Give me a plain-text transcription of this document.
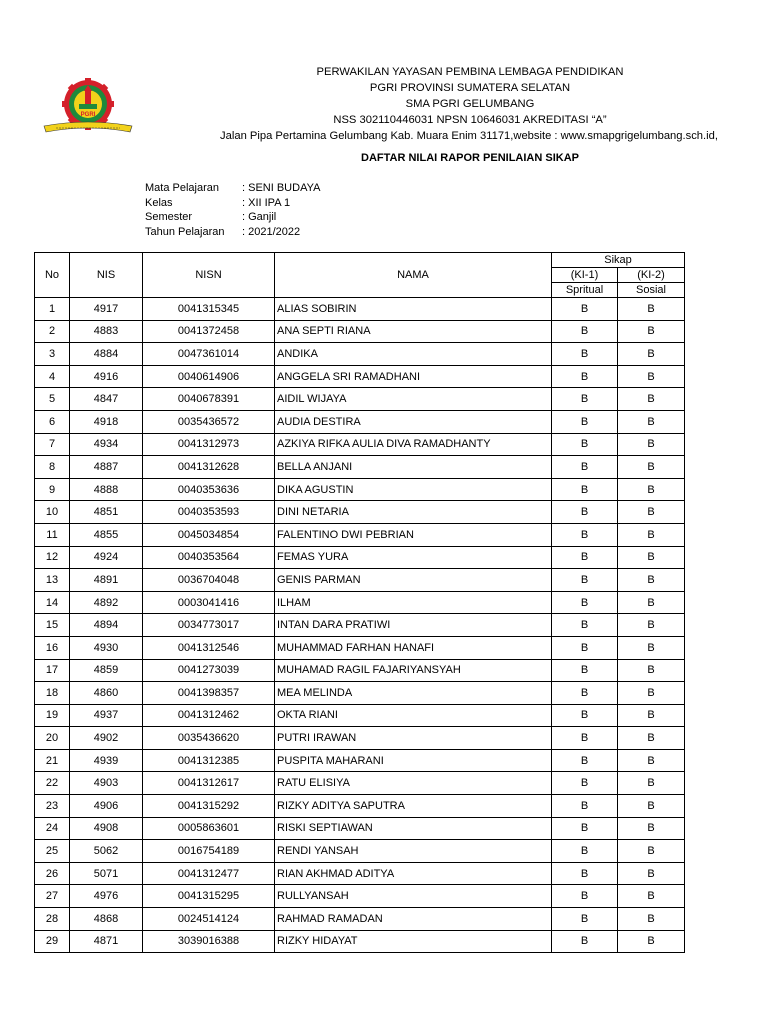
PGRI
PERWAKILAN YAYASAN PEMBINA LEMBAGA PENDIDIKAN
PGRI PROVINSI SUMATERA SELATAN
SMA PGRI GELUMBANG
NSS 302110446031 NPSN 10646031 AKREDITASI “A”
Jalan Pipa Pertamina Gelumbang Kab. Muara Enim 31171,website : www.smapgrigelumbang.sch.id,
DAFTAR NILAI RAPOR PENILAIAN SIKAP
Mata Pelajaran	: SENI BUDAYA
Kelas	: XII IPA 1
Semester	: Ganjil
Tahun Pelajaran	: 2021/2022
No	NIS	NISN	NAMA	Sikap	
				(KI-1)	(KI-2)
				Spritual	Sosial
1	4917	0041315345	ALIAS SOBIRIN	B	B
2	4883	0041372458	ANA SEPTI RIANA	B	B
3	4884	0047361014	ANDIKA	B	B
4	4916	0040614906	ANGGELA SRI RAMADHANI	B	B
5	4847	0040678391	AIDIL WIJAYA	B	B
6	4918	0035436572	AUDIA DESTIRA	B	B
7	4934	0041312973	AZKIYA RIFKA AULIA DIVA RAMADHANTY	B	B
8	4887	0041312628	BELLA ANJANI	B	B
9	4888	0040353636	DIKA AGUSTIN	B	B
10	4851	0040353593	DINI NETARIA	B	B
11	4855	0045034854	FALENTINO DWI PEBRIAN	B	B
12	4924	0040353564	FEMAS YURA	B	B
13	4891	0036704048	GENIS PARMAN	B	B
14	4892	0003041416	ILHAM	B	B
15	4894	0034773017	INTAN DARA PRATIWI	B	B
16	4930	0041312546	MUHAMMAD FARHAN HANAFI	B	B
17	4859	0041273039	MUHAMAD RAGIL FAJARIYANSYAH	B	B
18	4860	0041398357	MEA MELINDA	B	B
19	4937	0041312462	OKTA RIANI	B	B
20	4902	0035436620	PUTRI IRAWAN	B	B
21	4939	0041312385	PUSPITA MAHARANI	B	B
22	4903	0041312617	RATU ELISIYA	B	B
23	4906	0041315292	RIZKY ADITYA SAPUTRA	B	B
24	4908	0005863601	RISKI SEPTIAWAN	B	B
25	5062	0016754189	RENDI YANSAH	B	B
26	5071	0041312477	RIAN AKHMAD ADITYA	B	B
27	4976	0041315295	RULLYANSAH	B	B
28	4868	0024514124	RAHMAD RAMADAN	B	B
29	4871	3039016388	RIZKY HIDAYAT	B	B
